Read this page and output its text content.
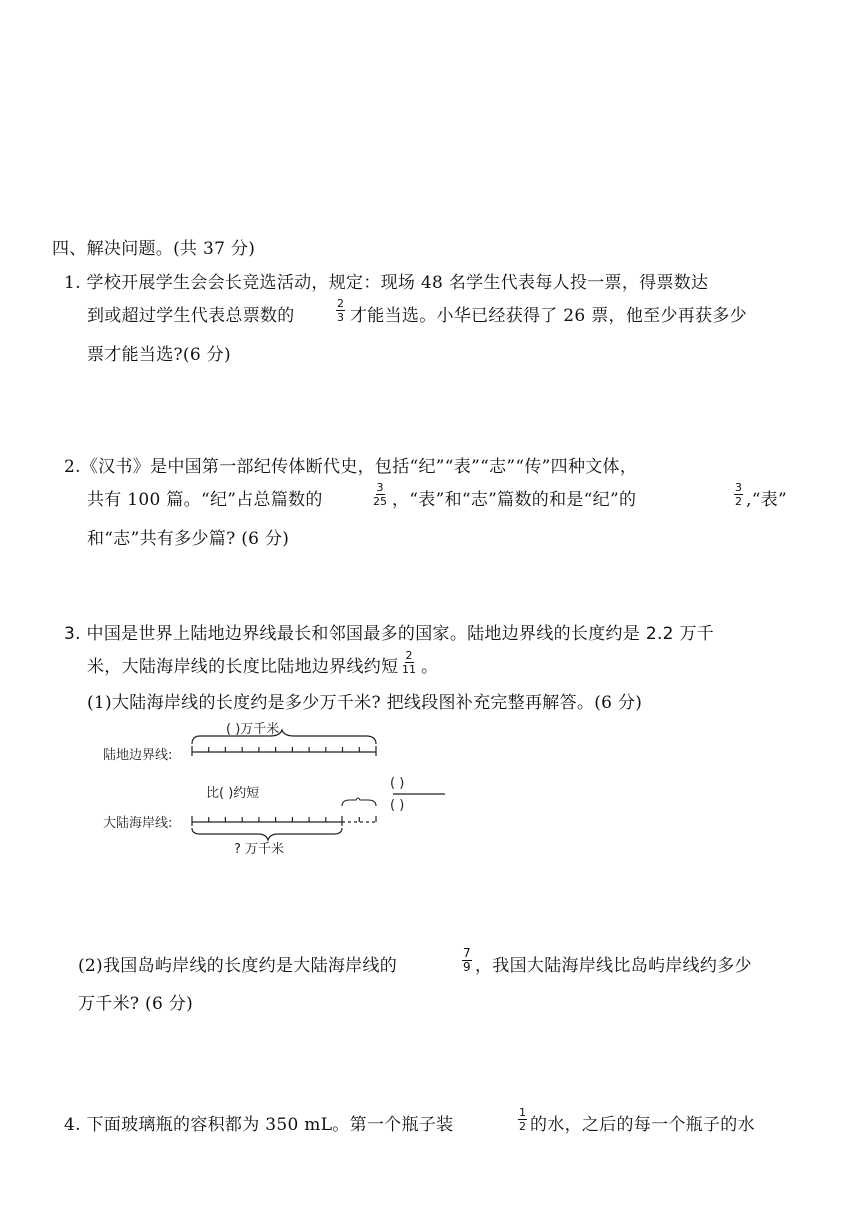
四、解决问题。(共 37 分)
1. 学校开展学生会会长竞选活动，规定：现场 48 名学生代表每人投一票，得票数达
到或超过学生代表总票数的	$\frac{2}{3}$ 才能当选。小华已经获得了 26 票，他至少再获多少
票才能当选?(6 分)
2.《汉书》是中国第一部纪传体断代史，包括“纪”“表”“志”“传”四种文体，
共有 100 篇。“纪”占总篇数的	$\frac{3}{25}$ ，“表”和“志”篇数的和是“纪”的	$\frac{3}{2}$ ,“表”
和“志”共有多少篇? (6 分)
3. 中国是世界上陆地边界线最长和邻国最多的国家。陆地边界线的长度约是 2.2 万千
米，大陆海岸线的长度比陆地边界线约短 $\frac{2}{11}$ 。
(1)大陆海岸线的长度约是多少万千米? 把线段图补充完整再解答。(6 分)
( )万千米
陆地边界线:
比( )约短
( )
( )
大陆海岸线:
? 万千米
(2)我国岛屿岸线的长度约是大陆海岸线的	$\frac{7}{9}$ ，我国大陆海岸线比岛屿岸线约多少
万千米? (6 分)
4. 下面玻璃瓶的容积都为 350 mL。第一个瓶子装	$\frac{1}{2}$ 的水，之后的每一个瓶子的水
